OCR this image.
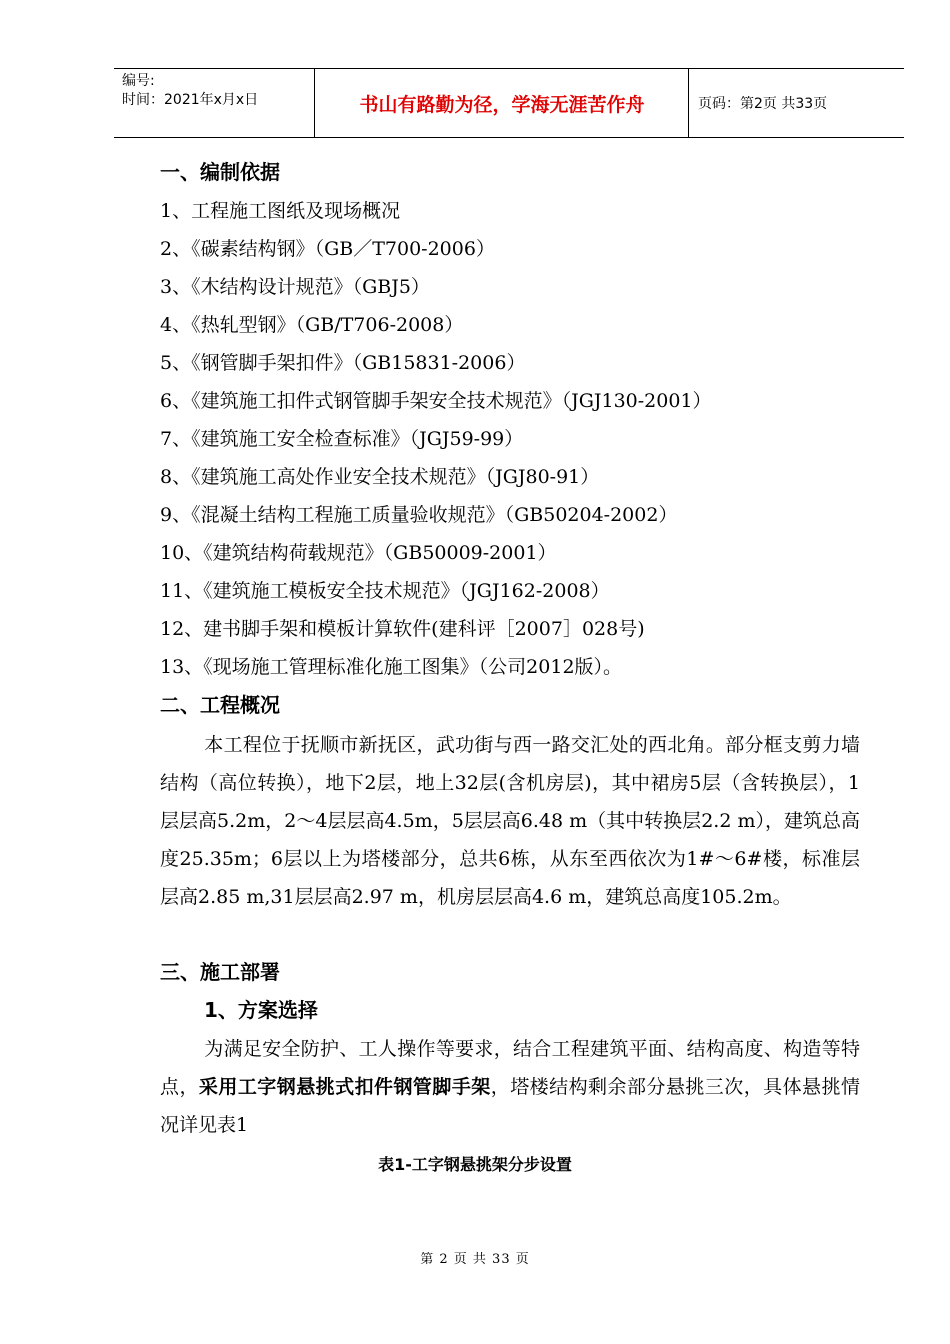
编号:
时间：2021年x月x日	书山有路勤为径，学海无涯苦作舟	页码：第2页 共33页
一、编制依据
1、工程施工图纸及现场概况
2、《碳素结构钢》（GB／T700-2006）
3、《木结构设计规范》（GBJ5）
4、《热轧型钢》（GB/T706-2008）
5、《钢管脚手架扣件》（GB15831-2006）
6、《建筑施工扣件式钢管脚手架安全技术规范》（JGJ130-2001）
7、《建筑施工安全检查标准》（JGJ59-99）
8、《建筑施工高处作业安全技术规范》（JGJ80-91）
9、《混凝土结构工程施工质量验收规范》（GB50204-2002）
10、《建筑结构荷载规范》（GB50009-2001）
11、《建筑施工模板安全技术规范》（JGJ162-2008）
12、建书脚手架和模板计算软件(建科评［2007］028号)
13、《现场施工管理标准化施工图集》（公司2012版）。
二、工程概况
本工程位于抚顺市新抚区，武功街与西一路交汇处的西北角。部分框支剪力墙结构（高位转换），地下2层，地上32层(含机房层)，其中裙房5层（含转换层），1层层高5.2m，2～4层层高4.5m，5层层高6.48 m（其中转换层2.2 m），建筑总高度25.35m；6层以上为塔楼部分，总共6栋，从东至西依次为1#～6#楼，标准层层高2.85 m,31层层高2.97 m，机房层层高4.6 m，建筑总高度105.2m。
三、施工部署
1、方案选择
为满足安全防护、工人操作等要求，结合工程建筑平面、结构高度、构造等特点，采用工字钢悬挑式扣件钢管脚手架，塔楼结构剩余部分悬挑三次，具体悬挑情况详见表1
表1-工字钢悬挑架分步设置
第 2 页 共 33 页
